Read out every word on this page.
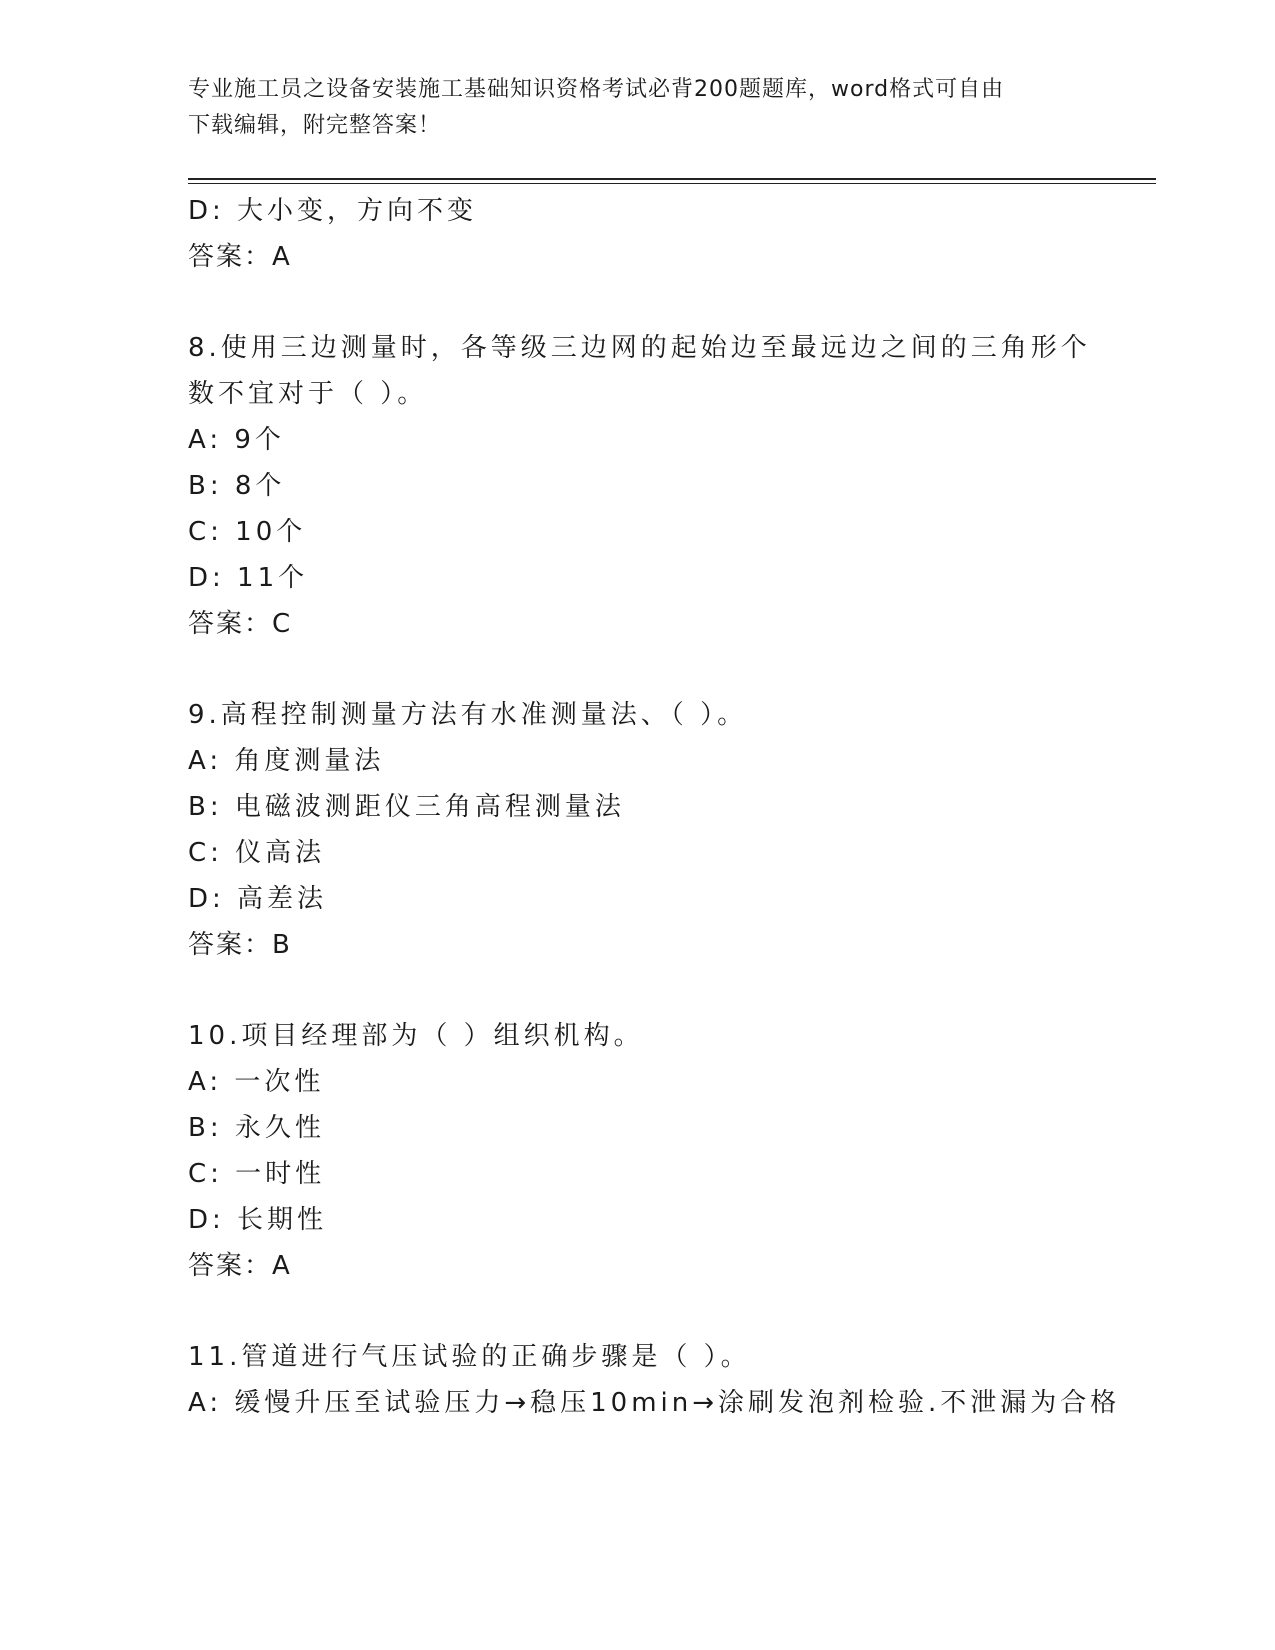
专业施工员之设备安装施工基础知识资格考试必背200题题库，word格式可自由
下载编辑，附完整答案！
D: 大小变，方向不变
答案：A
8.使用三边测量时，各等级三边网的起始边至最远边之间的三角形个
数不宜对于（ ）。
A: 9个
B: 8个
C: 10个
D: 11个
答案：C
9.高程控制测量方法有水准测量法、（ ）。
A: 角度测量法
B: 电磁波测距仪三角高程测量法
C: 仪高法
D: 高差法
答案：B
10.项目经理部为（ ）组织机构。
A: 一次性
B: 永久性
C: 一时性
D: 长期性
答案：A
11.管道进行气压试验的正确步骤是（ ）。
A: 缓慢升压至试验压力→稳压10min→涂刷发泡剂检验.不泄漏为合格
